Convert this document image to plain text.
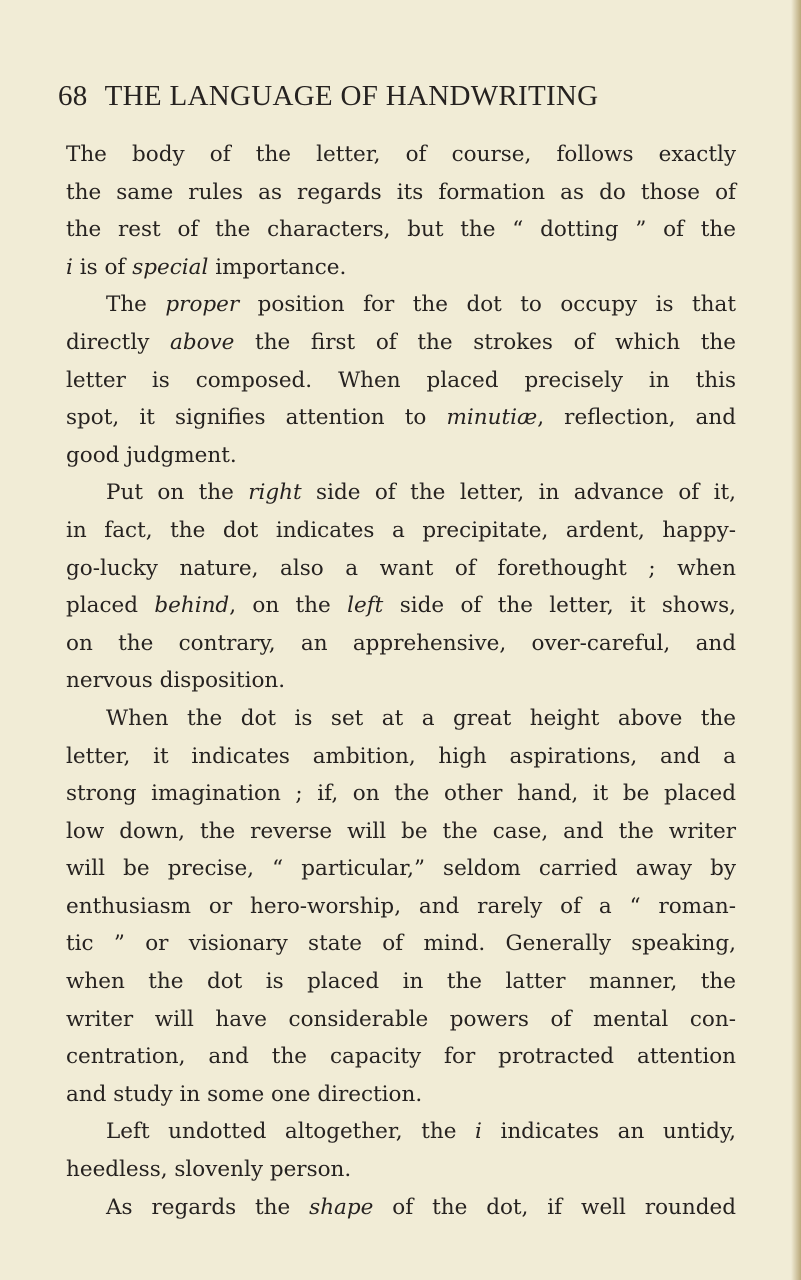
68 THE LANGUAGE OF HANDWRITING
The body of the letter, of course, follows exactly
the same rules as regards its formation as do those of
the rest of the characters, but the “ dotting ” of the
i is of special importance.
The proper position for the dot to occupy is that
directly above the first of the strokes of which the
letter is composed. When placed precisely in this
spot, it signifies attention to minutiæ, reflection, and
good judgment.
Put on the right side of the letter, in advance of it,
in fact, the dot indicates a precipitate, ardent, happy-
go-lucky nature, also a want of forethought ; when
placed behind, on the left side of the letter, it shows,
on the contrary, an apprehensive, over-careful, and
nervous disposition.
When the dot is set at a great height above the
letter, it indicates ambition, high aspirations, and a
strong imagination ; if, on the other hand, it be placed
low down, the reverse will be the case, and the writer
will be precise, “ particular,” seldom carried away by
enthusiasm or hero-worship, and rarely of a “ roman-
tic ” or visionary state of mind. Generally speaking,
when the dot is placed in the latter manner, the
writer will have considerable powers of mental con-
centration, and the capacity for protracted attention
and study in some one direction.
Left undotted altogether, the i indicates an untidy,
heedless, slovenly person.
As regards the shape of the dot, if well rounded
